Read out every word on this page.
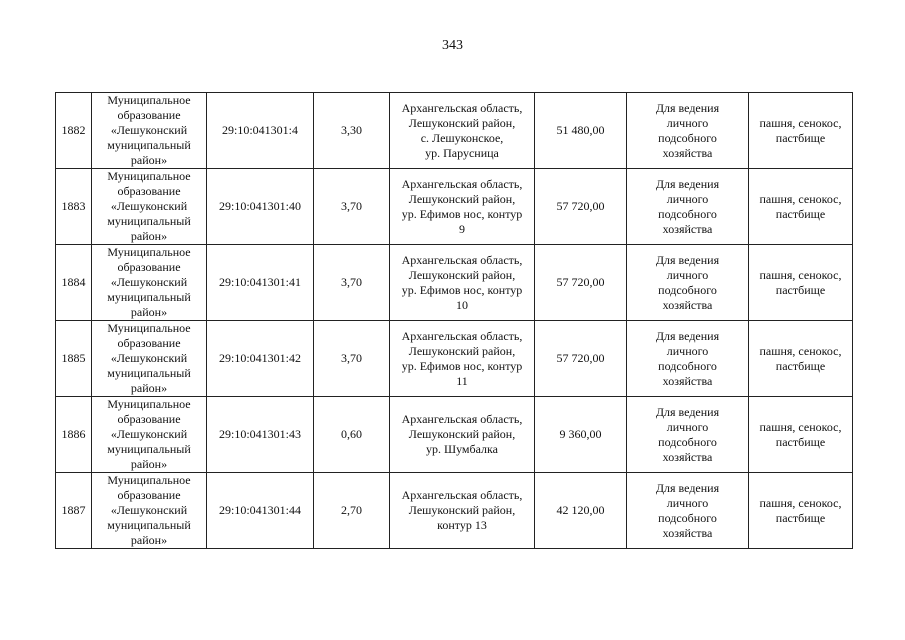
343
1882	Муниципальное
образование
«Лешуконский
муниципальный
район»	29:10:041301:4	3,30	Архангельская область,
Лешуконский район,
с. Лешуконское,
ур. Парусница	51 480,00	Для ведения
личного
подсобного
хозяйства	пашня, сенокос,
пастбище
1883	Муниципальное
образование
«Лешуконский
муниципальный
район»	29:10:041301:40	3,70	Архангельская область,
Лешуконский район,
ур. Ефимов нос, контур
9	57 720,00	Для ведения
личного
подсобного
хозяйства	пашня, сенокос,
пастбище
1884	Муниципальное
образование
«Лешуконский
муниципальный
район»	29:10:041301:41	3,70	Архангельская область,
Лешуконский район,
ур. Ефимов нос, контур
10	57 720,00	Для ведения
личного
подсобного
хозяйства	пашня, сенокос,
пастбище
1885	Муниципальное
образование
«Лешуконский
муниципальный
район»	29:10:041301:42	3,70	Архангельская область,
Лешуконский район,
ур. Ефимов нос, контур
11	57 720,00	Для ведения
личного
подсобного
хозяйства	пашня, сенокос,
пастбище
1886	Муниципальное
образование
«Лешуконский
муниципальный
район»	29:10:041301:43	0,60	Архангельская область,
Лешуконский район,
ур. Шумбалка	9 360,00	Для ведения
личного
подсобного
хозяйства	пашня, сенокос,
пастбище
1887	Муниципальное
образование
«Лешуконский
муниципальный
район»	29:10:041301:44	2,70	Архангельская область,
Лешуконский район,
контур 13	42 120,00	Для ведения
личного
подсобного
хозяйства	пашня, сенокос,
пастбище
